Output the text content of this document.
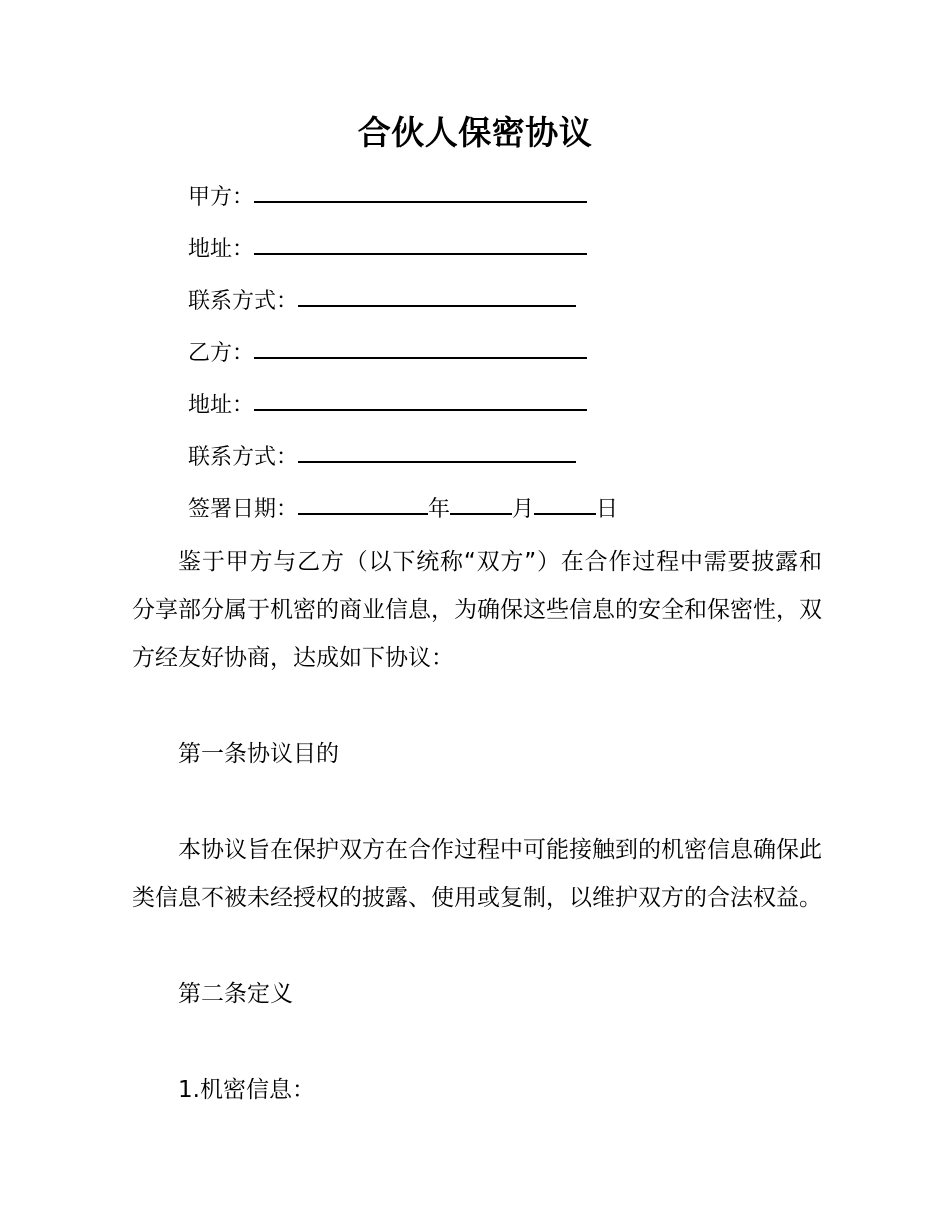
合伙人保密协议
甲方：
地址：
联系方式：
乙方：
地址：
联系方式：
签署日期：	年	月	日

鉴于甲方与乙方（以下统称“双方”）在合作过程中需要披露和分享部分属于机密的商业信息，为确保这些信息的安全和保密性，双方经友好协商，达成如下协议：

第一条协议目的

本协议旨在保护双方在合作过程中可能接触到的机密信息确保此类信息不被未经授权的披露、使用或复制，以维护双方的合法权益。

第二条定义

1.机密信息：
